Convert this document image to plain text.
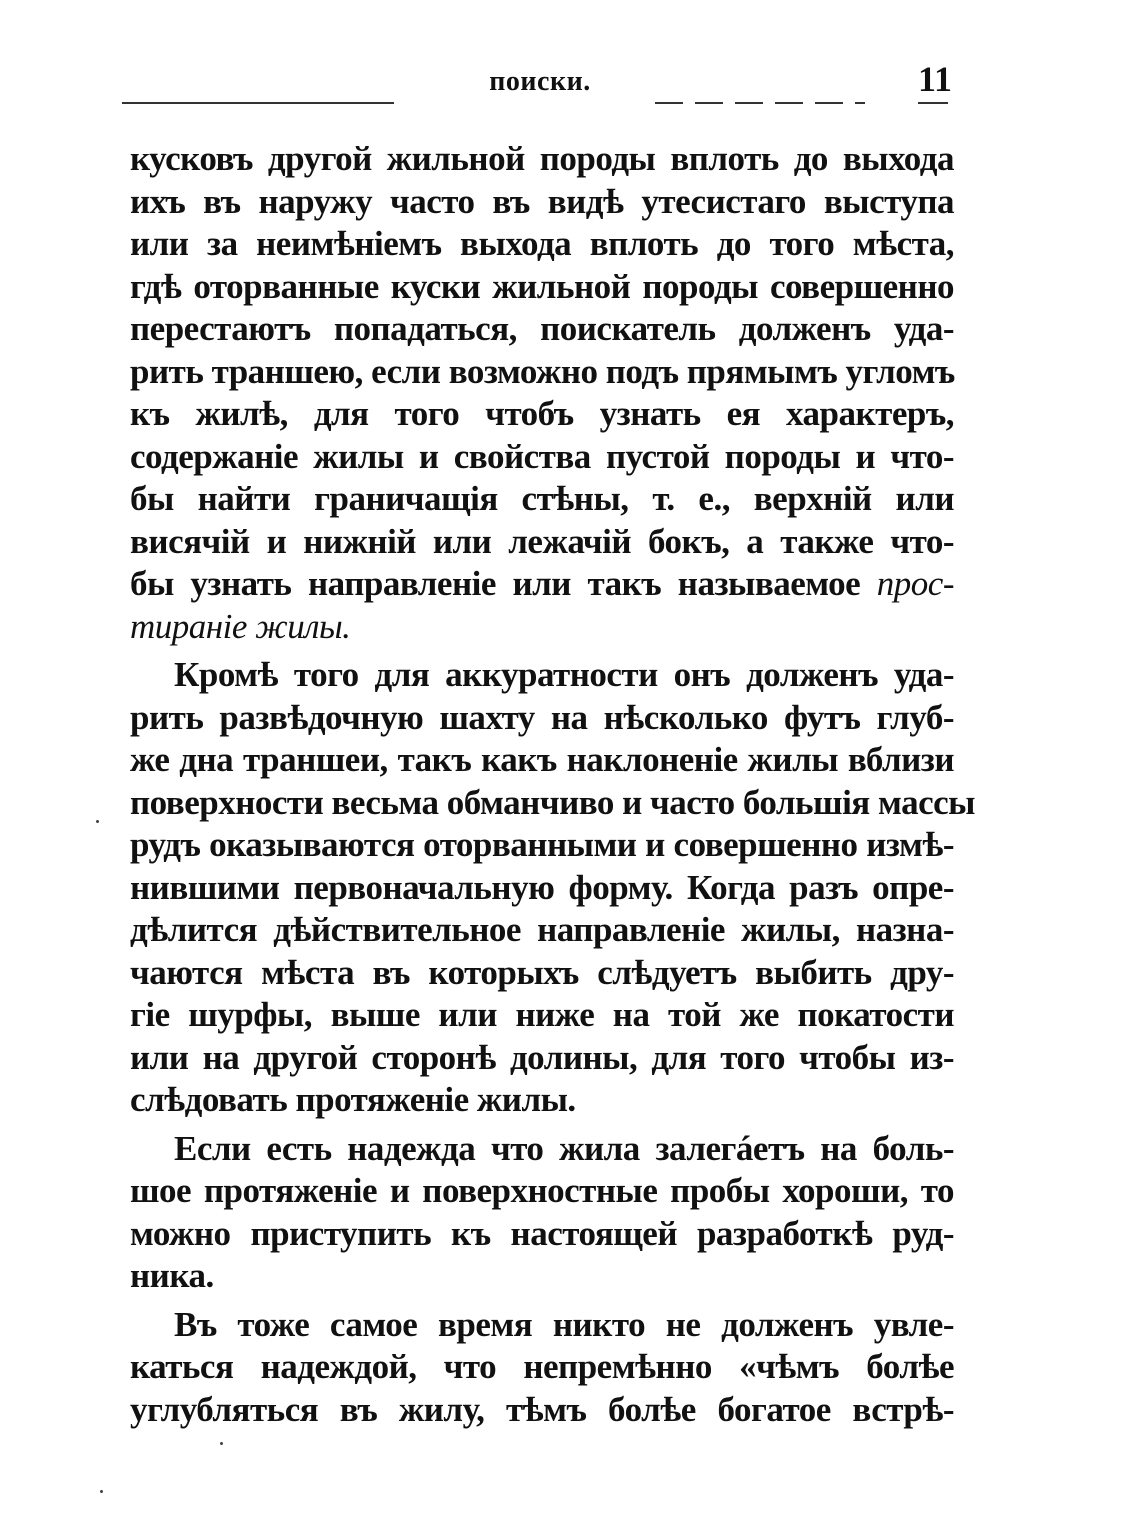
поиски.	11
кусковъ другой жильной породы вплоть до выхода
ихъ въ наружу часто въ видѣ утесистаго выступа
или за неимѣніемъ выхода вплоть до того мѣста,
гдѣ оторванные куски жильной породы совершенно
перестаютъ попадаться, поискатель долженъ уда-
рить траншею, если возможно подъ прямымъ угломъ
къ жилѣ, для того чтобъ узнать ея характеръ,
содержаніе жилы и свойства пустой породы и что-
бы найти граничащія стѣны, т. е., верхній или
висячій и нижній или лежачій бокъ, а также что-
бы узнать направленіе или такъ называемое прос-
тираніе жилы.
Кромѣ того для аккуратности онъ долженъ уда-
рить развѣдочную шахту на нѣсколько футъ глуб-
же дна траншеи, такъ какъ наклоненіе жилы вблизи
поверхности весьма обманчиво и часто большія массы
рудъ оказываются оторванными и совершенно измѣ-
нившими первоначальную форму. Когда разъ опре-
дѣлится дѣйствительное направленіе жилы, назна-
чаются мѣста въ которыхъ слѣдуетъ выбить дру-
гіе шурфы, выше или ниже на той же покатости
или на другой сторонѣ долины, для того чтобы из-
слѣдовать протяженіе жилы.
Если есть надежда что жила залегáетъ на боль-
шое протяженіе и поверхностные пробы хороши, то
можно приступить къ настоящей разработкѣ руд-
ника.
Въ тоже самое время никто не долженъ увле-
каться надеждой, что непремѣнно «чѣмъ болѣе
углубляться въ жилу, тѣмъ болѣе богатое встрѣ-
